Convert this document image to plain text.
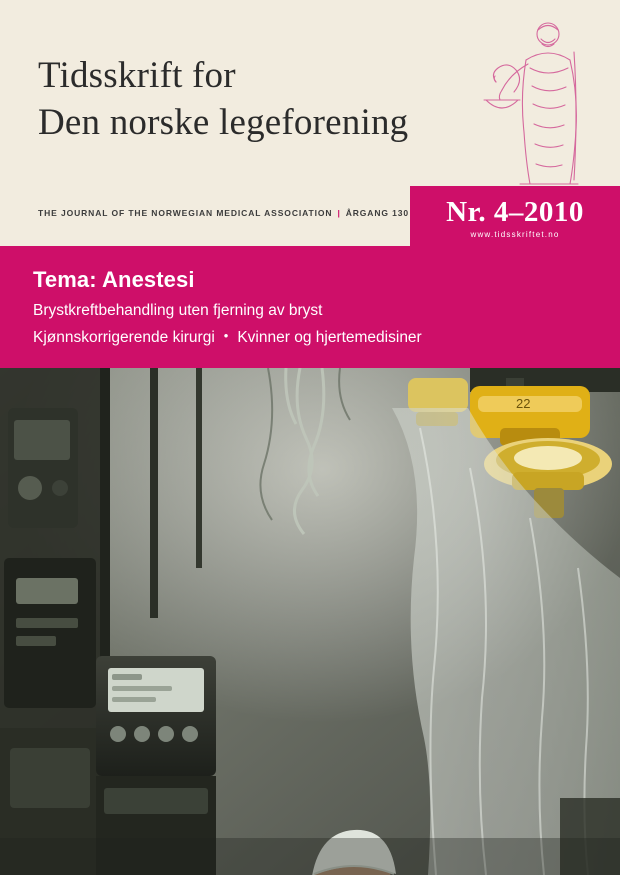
Tidsskrift for
Den norske legeforening
THE JOURNAL OF THE NORWEGIAN MEDICAL ASSOCIATION | ÅRGANG 130	Nr. 4–2010
www.tidsskriftet.no
Tema: Anestesi
Brystkreftbehandling uten fjerning av bryst
Kjønnskorrigerende kirurgi • Kvinner og hjertemedisiner
22
